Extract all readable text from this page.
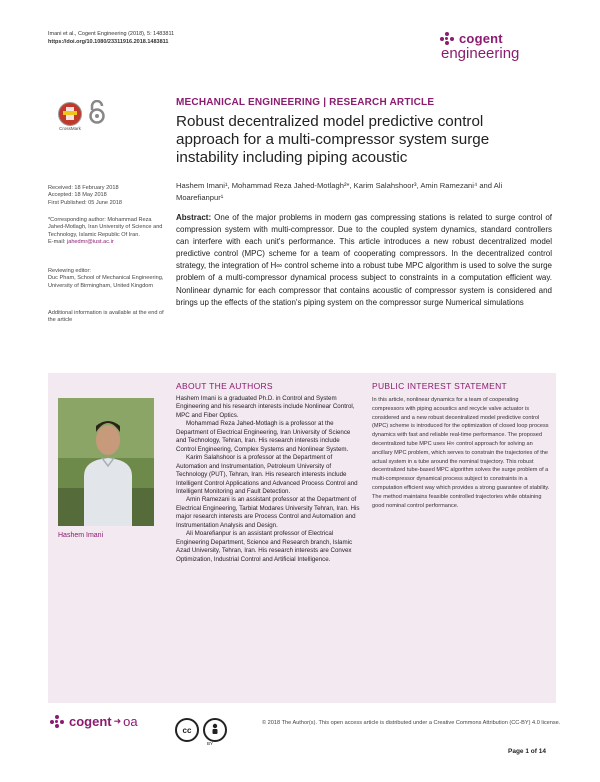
Imani et al., Cogent Engineering (2018), 5: 1483811
https://doi.org/10.1080/23311916.2018.1483811	cogent
engineering
CrossMark
MECHANICAL ENGINEERING | RESEARCH ARTICLE
Robust decentralized model predictive control approach for a multi-compressor system surge instability including piping acoustic
Hashem Imani¹, Mohammad Reza Jahed-Motlagh²*, Karim Salahshoor³, Amin Ramezani⁴ and Ali Moarefianpur¹
Received: 18 February 2018
Accepted: 18 May 2018
First Published: 05 June 2018
*Corresponding author: Mohammad Reza Jahed-Motlagh, Iran University of Science and Technology, Islamic Republic Of Iran.
E-mail: jahedmr@iust.ac.ir
Reviewing editor:
Duc Pham, School of Mechanical Engineering, University of Birmingham, United Kingdom
Additional information is available at the end of the article
Abstract: One of the major problems in modern gas compressing stations is related to surge control of compression system with multi-compressor. Due to the coupled system dynamics, standard controllers can interfere with each unit's performance. This article introduces a new robust decentralized model predictive control (MPC) scheme for a team of cooperating compressors. In the decentralized control strategy, the integration of H∞ control scheme into a robust tube MPC algorithm is used to solve the surge problem of a multi-compressor dynamical process subject to constraints in a computation efficient way. Nonlinear dynamic for each compressor that contains acoustic of compressor system is considered and brings up the effects of the station's piping system on the compressor surge Numerical simulations
Hashem Imani
ABOUT THE AUTHORS

Hashem Imani is a graduated Ph.D. in Control and System Engineering and his research interests include Nonlinear Control, MPC and Fiber Optics.

Mohammad Reza Jahed-Motlagh is a professor at the Department of Electrical Engineering, Iran University of Science and Technology, Tehran, Iran. His research interests include Control Engineering, Complex Systems and Nonlinear System.

Karim Salahshoor is a professor at the Department of Automation and Instrumentation, Petroleum University of Technology (PUT), Tehran, Iran. His research interests include Intelligent Control Applications and Advanced Process Control and Intelligent Monitoring and Fault Detection.

Amin Ramezani is an assistant professor at the Department of Electrical Engineering, Tarbiat Modares University Tehran, Iran. His major research interests are Process Control and Automation and Instrumentation Analysis and Design.

Ali Moarefianpur is an assistant professor of Electrical Engineering Department, Science and Research branch, Islamic Azad University, Tehran, Iran. His research interests are Convex Optimization, Industrial Control and Artificial Intelligence.

PUBLIC INTEREST STATEMENT
In this article, nonlinear dynamics for a team of cooperating compressors with piping acoustics and recycle valve actuator is considered and a new robust decentralized model predictive control (MPC) scheme is introduced for the optimization of closed loop process dynamics with fast and reliable real-time performance. The proposed decentralized tube MPC uses H∞ control approach for solving an ancillary MPC problem, which serves to constrain the trajectories of the actual system in a tube around the nominal trajectory. This robust decentralized tube-based MPC algorithm solves the surge problem of a multi-compressor dynamical process subject to constraints in a computation efficient way which provides a strong guarantee of stability. The method maintains feasible controlled trajectories while obtaining good nominal control performance.
cogent ➜ oa
cc
BY
© 2018 The Author(s). This open access article is distributed under a Creative Commons Attribution (CC-BY) 4.0 license.
Page 1 of 14
